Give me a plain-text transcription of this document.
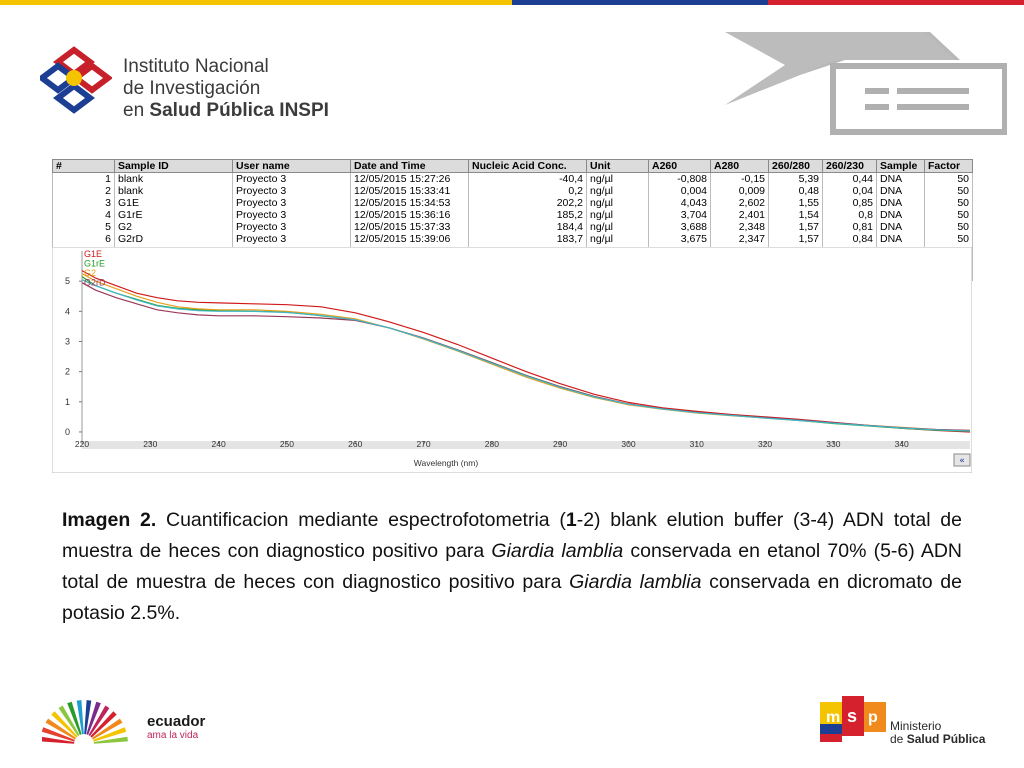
Instituto Nacional
de Investigación
en Salud Pública INSPI
#	Sample ID	User name	Date and Time	Nucleic Acid Conc.	Unit	A260	A280	260/280	260/230	Sample	Factor
1	blank	Proyecto 3	12/05/2015 15:27:26	-40,4	ng/µl	-0,808	-0,15	5,39	0,44	DNA	50
2	blank	Proyecto 3	12/05/2015 15:33:41	0,2	ng/µl	0,004	0,009	0,48	0,04	DNA	50
3	G1E	Proyecto 3	12/05/2015 15:34:53	202,2	ng/µl	4,043	2,602	1,55	0,85	DNA	50
4	G1rE	Proyecto 3	12/05/2015 15:36:16	185,2	ng/µl	3,704	2,401	1,54	0,8	DNA	50
5	G2	Proyecto 3	12/05/2015 15:37:33	184,4	ng/µl	3,688	2,348	1,57	0,81	DNA	50
6	G2rD	Proyecto 3	12/05/2015 15:39:06	183,7	ng/µl	3,675	2,347	1,57	0,84	DNA	50

0
1
2
3
4
5
220	230	240	250	260	270	280	290	300	310	320	330	340
Wavelength (nm)
G1E
G1rE
G2
G2rD
«
Imagen 2. Cuantificacion mediante espectrofotometria (1-2) blank elution buffer (3-4) ADN total de muestra de heces con diagnostico positivo para Giardia lamblia conservada en etanol 70% (5-6) ADN total de muestra de heces con diagnostico positivo para Giardia lamblia conservada en dicromato de potasio 2.5%.
ecuador
ama la vida
m s p Ministerio
de Salud Pública
